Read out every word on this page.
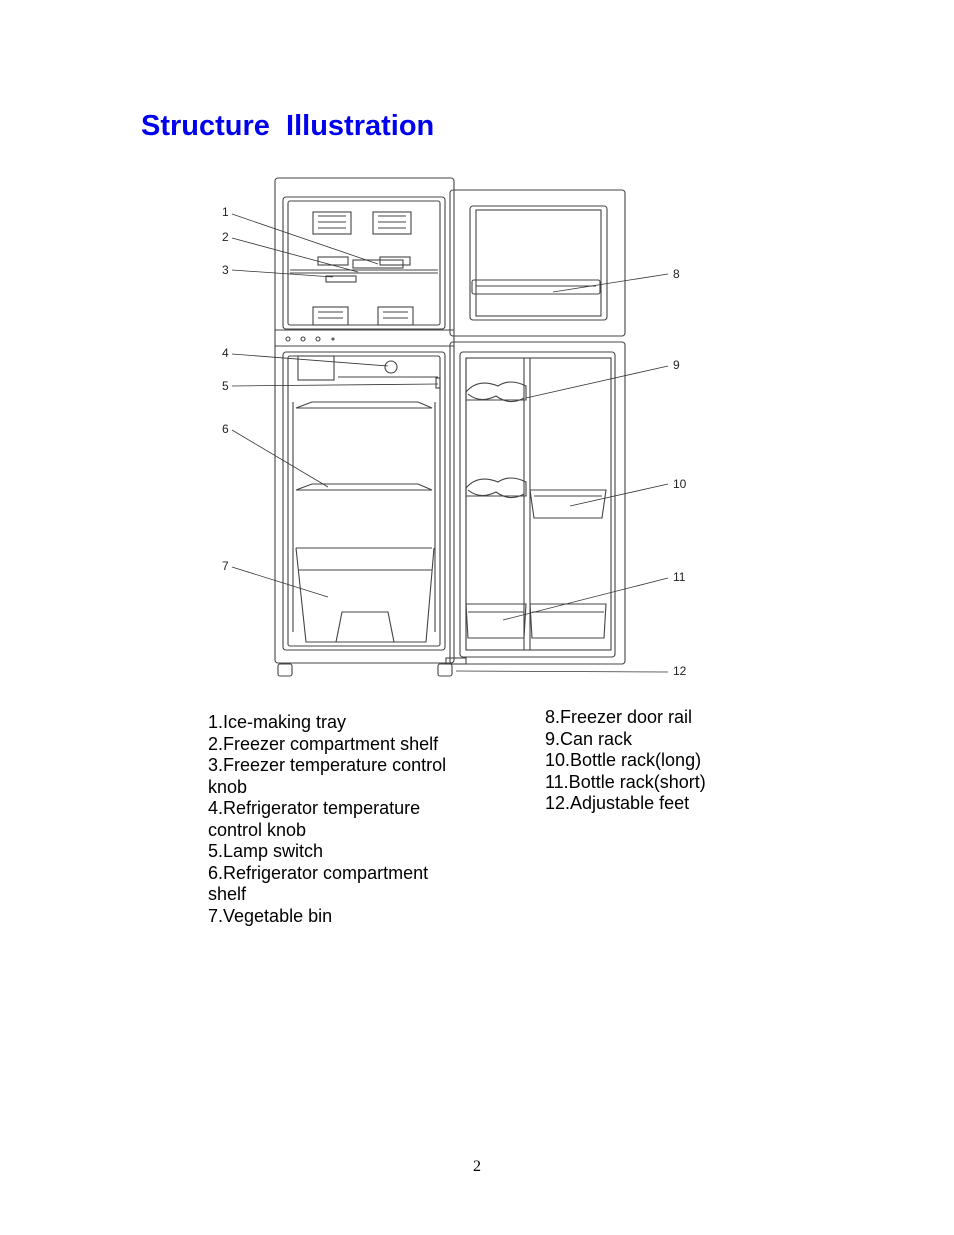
Structure  Illustration
1
2
3
4
5
6
7
8
9
10
11
12
1.Ice-making tray
2.Freezer compartment shelf
3.Freezer temperature control knob
4.Refrigerator temperature control knob
5.Lamp switch
6.Refrigerator compartment shelf
7.Vegetable bin
8.Freezer door rail
9.Can rack
10.Bottle rack(long)
11.Bottle rack(short)
12.Adjustable feet
2
